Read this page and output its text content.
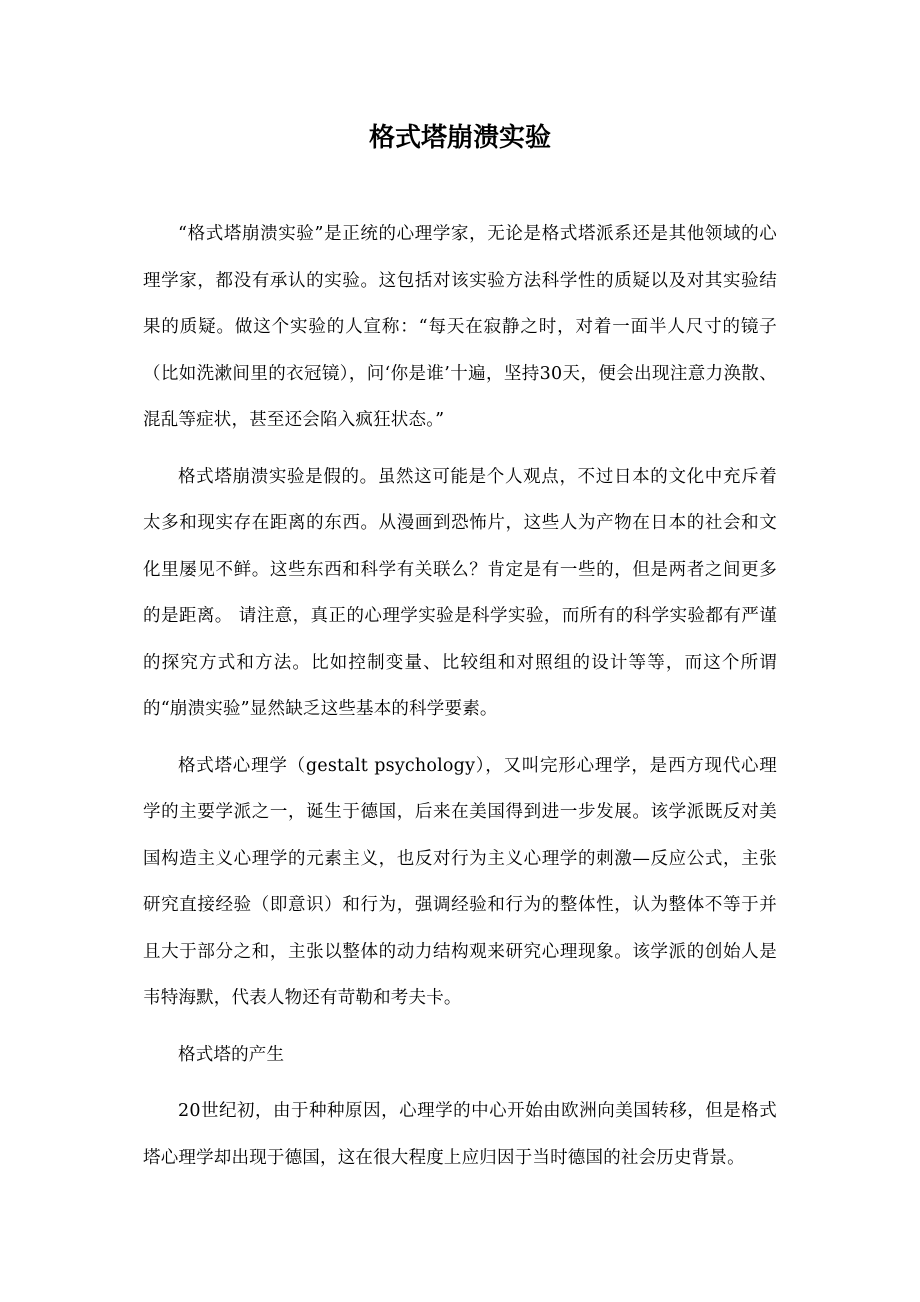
格式塔崩溃实验

“格式塔崩溃实验”是正统的心理学家，无论是格式塔派系还是其他领域的心理学家，都没有承认的实验。这包括对该实验方法科学性的质疑以及对其实验结果的质疑。做这个实验的人宣称：“每天在寂静之时，对着一面半人尺寸的镜子（比如洗漱间里的衣冠镜），问‘你是谁’十遍，坚持30天，便会出现注意力涣散、混乱等症状，甚至还会陷入疯狂状态。”

格式塔崩溃实验是假的。虽然这可能是个人观点，不过日本的文化中充斥着太多和现实存在距离的东西。从漫画到恐怖片，这些人为产物在日本的社会和文化里屡见不鲜。这些东西和科学有关联么？肯定是有一些的，但是两者之间更多的是距离。 请注意，真正的心理学实验是科学实验，而所有的科学实验都有严谨的探究方式和方法。比如控制变量、比较组和对照组的设计等等，而这个所谓的“崩溃实验”显然缺乏这些基本的科学要素。

格式塔心理学（gestalt psychology），又叫完形心理学，是西方现代心理学的主要学派之一，诞生于德国，后来在美国得到进一步发展。该学派既反对美国构造主义心理学的元素主义，也反对行为主义心理学的刺激—反应公式，主张研究直接经验（即意识）和行为，强调经验和行为的整体性，认为整体不等于并且大于部分之和，主张以整体的动力结构观来研究心理现象。该学派的创始人是韦特海默，代表人物还有苛勒和考夫卡。

格式塔的产生

20世纪初，由于种种原因，心理学的中心开始由欧洲向美国转移，但是格式塔心理学却出现于德国，这在很大程度上应归因于当时德国的社会历史背景。
